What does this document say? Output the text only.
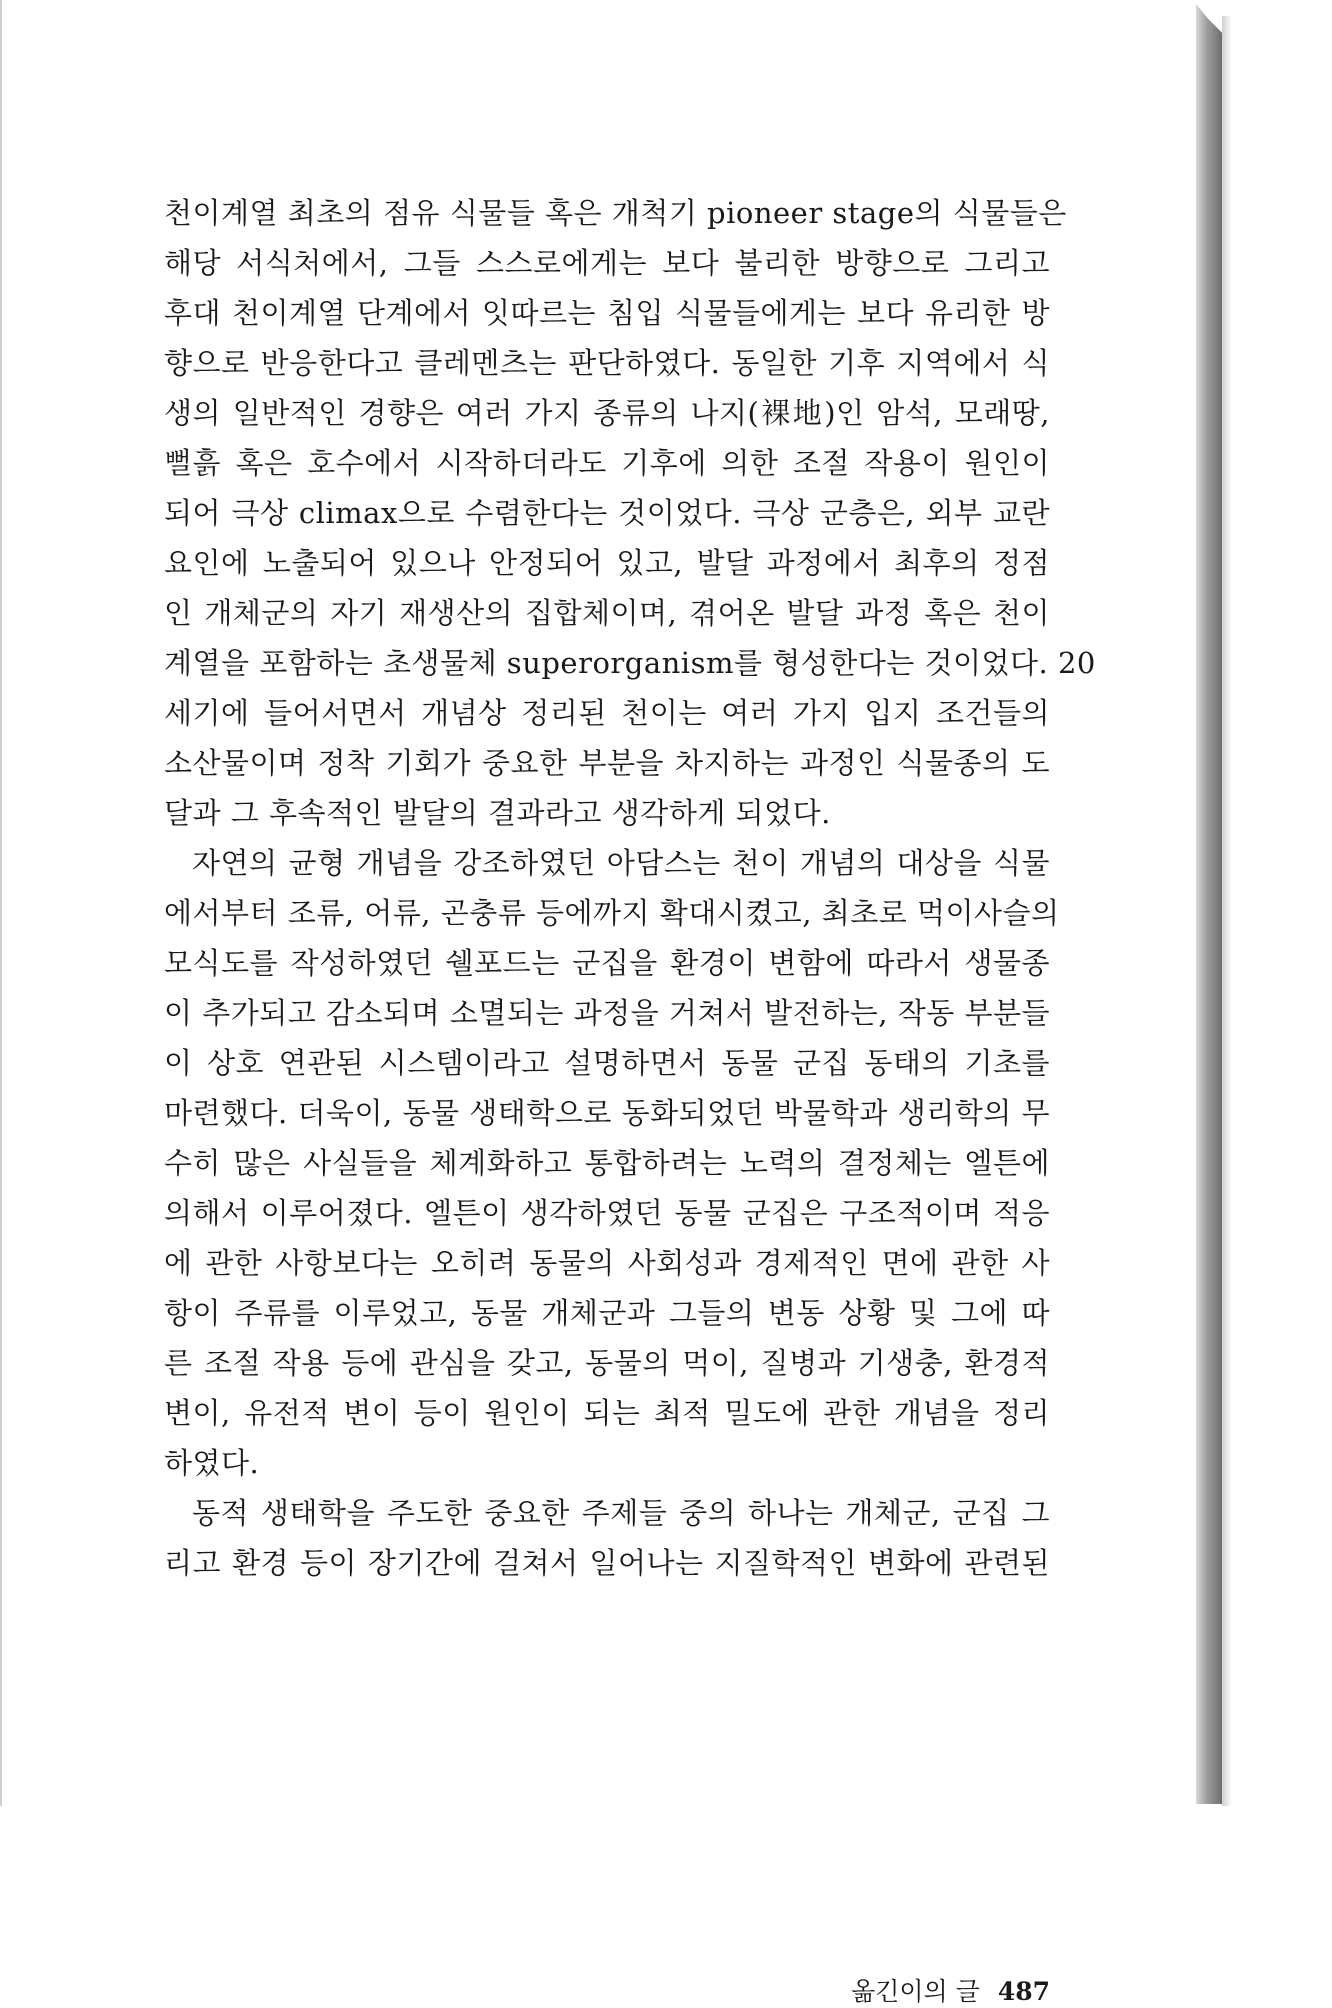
천이계열 최초의 점유 식물들 혹은 개척기 pioneer stage의 식물들은
해당 서식처에서, 그들 스스로에게는 보다 불리한 방향으로 그리고
후대 천이계열 단계에서 잇따르는 침입 식물들에게는 보다 유리한 방
향으로 반응한다고 클레멘츠는 판단하였다. 동일한 기후 지역에서 식
생의 일반적인 경향은 여러 가지 종류의 나지(裸地)인 암석, 모래땅,
뻘흙 혹은 호수에서 시작하더라도 기후에 의한 조절 작용이 원인이
되어 극상 climax으로 수렴한다는 것이었다. 극상 군층은, 외부 교란
요인에 노출되어 있으나 안정되어 있고, 발달 과정에서 최후의 정점
인 개체군의 자기 재생산의 집합체이며, 겪어온 발달 과정 혹은 천이
계열을 포함하는 초생물체 superorganism를 형성한다는 것이었다. 20
세기에 들어서면서 개념상 정리된 천이는 여러 가지 입지 조건들의
소산물이며 정착 기회가 중요한 부분을 차지하는 과정인 식물종의 도
달과 그 후속적인 발달의 결과라고 생각하게 되었다.
자연의 균형 개념을 강조하였던 아담스는 천이 개념의 대상을 식물
에서부터 조류, 어류, 곤충류 등에까지 확대시켰고, 최초로 먹이사슬의
모식도를 작성하였던 쉘포드는 군집을 환경이 변함에 따라서 생물종
이 추가되고 감소되며 소멸되는 과정을 거쳐서 발전하는, 작동 부분들
이 상호 연관된 시스템이라고 설명하면서 동물 군집 동태의 기초를
마련했다. 더욱이, 동물 생태학으로 동화되었던 박물학과 생리학의 무
수히 많은 사실들을 체계화하고 통합하려는 노력의 결정체는 엘튼에
의해서 이루어졌다. 엘튼이 생각하였던 동물 군집은 구조적이며 적응
에 관한 사항보다는 오히려 동물의 사회성과 경제적인 면에 관한 사
항이 주류를 이루었고, 동물 개체군과 그들의 변동 상황 및 그에 따
른 조절 작용 등에 관심을 갖고, 동물의 먹이, 질병과 기생충, 환경적
변이, 유전적 변이 등이 원인이 되는 최적 밀도에 관한 개념을 정리
하였다.
동적 생태학을 주도한 중요한 주제들 중의 하나는 개체군, 군집 그
리고 환경 등이 장기간에 걸쳐서 일어나는 지질학적인 변화에 관련된
옮긴이의 글 487
